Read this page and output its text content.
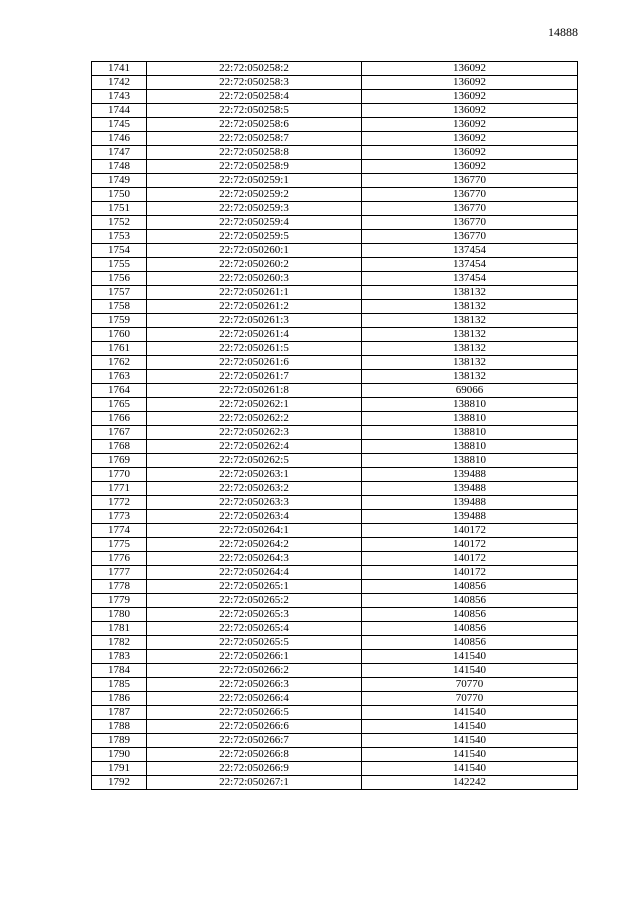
14888
1741	22:72:050258:2	136092
1742	22:72:050258:3	136092
1743	22:72:050258:4	136092
1744	22:72:050258:5	136092
1745	22:72:050258:6	136092
1746	22:72:050258:7	136092
1747	22:72:050258:8	136092
1748	22:72:050258:9	136092
1749	22:72:050259:1	136770
1750	22:72:050259:2	136770
1751	22:72:050259:3	136770
1752	22:72:050259:4	136770
1753	22:72:050259:5	136770
1754	22:72:050260:1	137454
1755	22:72:050260:2	137454
1756	22:72:050260:3	137454
1757	22:72:050261:1	138132
1758	22:72:050261:2	138132
1759	22:72:050261:3	138132
1760	22:72:050261:4	138132
1761	22:72:050261:5	138132
1762	22:72:050261:6	138132
1763	22:72:050261:7	138132
1764	22:72:050261:8	69066
1765	22:72:050262:1	138810
1766	22:72:050262:2	138810
1767	22:72:050262:3	138810
1768	22:72:050262:4	138810
1769	22:72:050262:5	138810
1770	22:72:050263:1	139488
1771	22:72:050263:2	139488
1772	22:72:050263:3	139488
1773	22:72:050263:4	139488
1774	22:72:050264:1	140172
1775	22:72:050264:2	140172
1776	22:72:050264:3	140172
1777	22:72:050264:4	140172
1778	22:72:050265:1	140856
1779	22:72:050265:2	140856
1780	22:72:050265:3	140856
1781	22:72:050265:4	140856
1782	22:72:050265:5	140856
1783	22:72:050266:1	141540
1784	22:72:050266:2	141540
1785	22:72:050266:3	70770
1786	22:72:050266:4	70770
1787	22:72:050266:5	141540
1788	22:72:050266:6	141540
1789	22:72:050266:7	141540
1790	22:72:050266:8	141540
1791	22:72:050266:9	141540
1792	22:72:050267:1	142242
